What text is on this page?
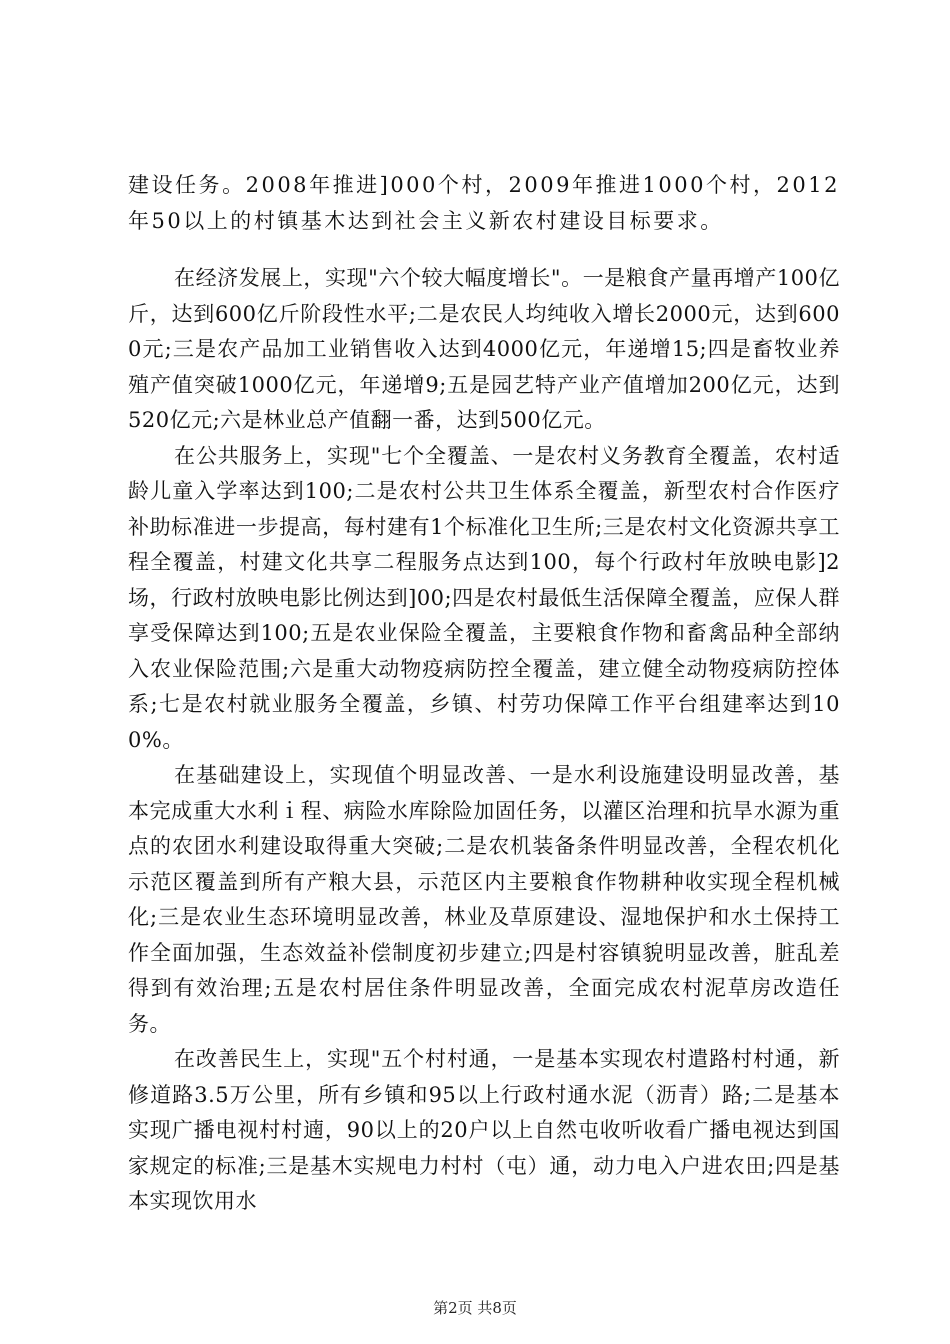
建设任务。2008年推进]000个村，2009年推进1000个村，2012年50以上的村镇基木达到社会主义新农村建设目标要求。

在经济发展上，实现"六个较大幅度增长"。一是粮食产量再增产100亿斤，达到600亿斤阶段性水平;二是农民人均纯收入增长2000元，达到6000元;三是农产品加工业销售收入达到4000亿元，年递增15;四是畜牧业养殖产值突破1000亿元，年递增9;五是园艺特产业产值增加200亿元，达到520亿元;六是林业总产值翻一番，达到500亿元。

在公共服务上，实现"七个全覆盖、一是农村义务教育全覆盖，农村适龄儿童入学率达到100;二是农村公共卫生体系全覆盖，新型农村合作医疗补助标准进一步提高，每村建有1个标准化卫生所;三是农村文化资源共享工程全覆盖，村建文化共享二程服务点达到100，每个行政村年放映电影]2场，行政村放映电影比例达到]00;四是农村最低生活保障全覆盖，应保人群享受保障达到100;五是农业保险全覆盖，主要粮食作物和畜禽品种全部纳入农业保险范围;六是重大动物疫病防控全覆盖，建立健全动物疫病防控体系;七是农村就业服务全覆盖，乡镇、村劳功保障工作平台组建率达到100%。

在基础建设上，实现值个明显改善、一是水利设施建设明显改善，基本完成重大水利ｉ程、病险水库除险加固任务，以灌区治理和抗旱水源为重点的农团水利建设取得重大突破;二是农机装备条件明显改善，全程农机化示范区覆盖到所有产粮大县，示范区内主要粮食作物耕种收实现全程机械化;三是农业生态环境明显改善，林业及草原建设、湿地保护和水土保持工作全面加强，生态效益补偿制度初步建立;四是村容镇貌明显改善，脏乱差得到有效治理;五是农村居住条件明显改善，全面完成农村泥草房改造任务。

在改善民生上，实现"五个村村通，一是基本实现农村遣路村村通，新修道路3.5万公里，所有乡镇和95以上行政村通水泥（沥青）路;二是基本实现广播电视村村遖，90以上的20户以上自然屯收听收看广播电视达到国家规定的标准;三是基木实规电力村村（屯）通，动力电入户进农田;四是基本实现饮用水

第2页 共8页
